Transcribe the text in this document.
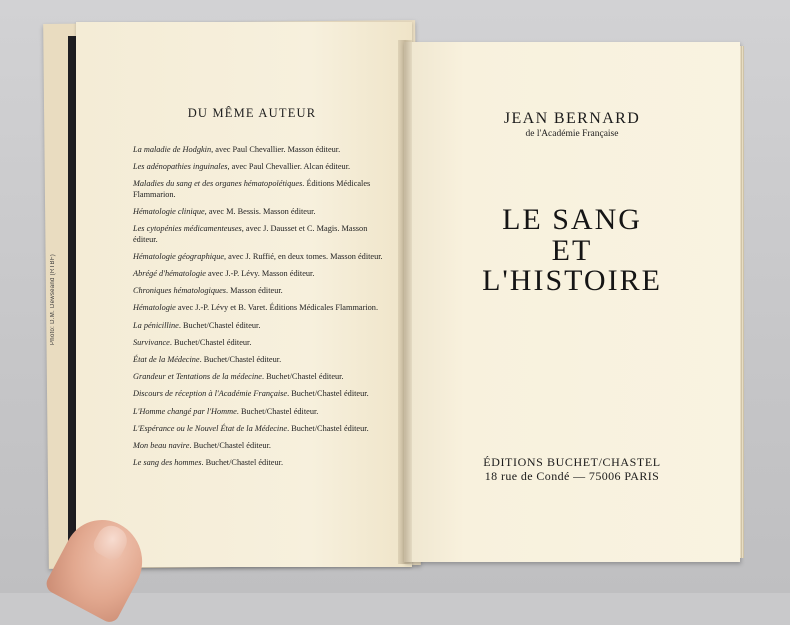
Photo: D.M. Dewseand (RTBF)
DU MÊME AUTEUR
La maladie de Hodgkin, avec Paul Chevallier. Masson éditeur.
Les adénopathies inguinales, avec Paul Chevallier. Alcan éditeur.
Maladies du sang et des organes hématopoïétiques. Éditions Médicales Flammarion.
Hématologie clinique, avec M. Bessis. Masson éditeur.
Les cytopénies médicamenteuses, avec J. Dausset et C. Magis. Masson éditeur.
Hématologie géographique, avec J. Ruffié, en deux tomes. Masson éditeur.
Abrégé d'hématologie avec J.-P. Lévy. Masson éditeur.
Chroniques hématologiques. Masson éditeur.
Hématologie avec J.-P. Lévy et B. Varet. Éditions Médicales Flammarion.
La pénicilline. Buchet/Chastel éditeur.
Survivance. Buchet/Chastel éditeur.
État de la Médecine. Buchet/Chastel éditeur.
Grandeur et Tentations de la médecine. Buchet/Chastel éditeur.
Discours de réception à l'Académie Française. Buchet/Chastel éditeur.
L'Homme changé par l'Homme. Buchet/Chastel éditeur.
L'Espérance ou le Nouvel État de la Médecine. Buchet/Chastel éditeur.
Mon beau navire. Buchet/Chastel éditeur.
Le sang des hommes. Buchet/Chastel éditeur.
JEAN BERNARD
de l'Académie Française
LE SANG
ET
L'HISTOIRE
ÉDITIONS BUCHET/CHASTEL
18 rue de Condé — 75006 PARIS
